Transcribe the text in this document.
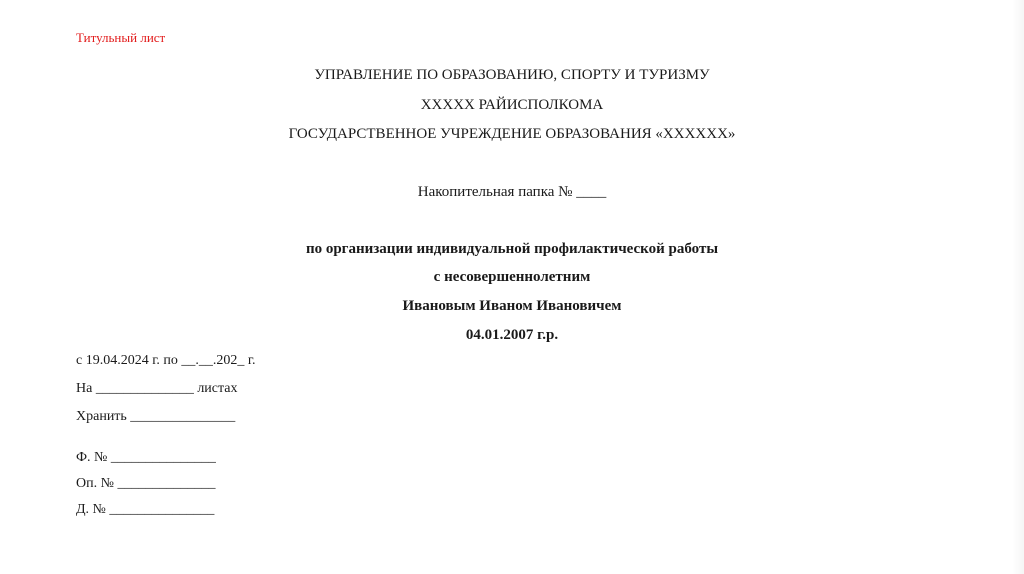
Титульный лист
УПРАВЛЕНИЕ ПО ОБРАЗОВАНИЮ, СПОРТУ И ТУРИЗМУ
ХХХХХ РАЙИСПОЛКОМА
ГОСУДАРСТВЕННОЕ УЧРЕЖДЕНИЕ ОБРАЗОВАНИЯ «ХХХХХХ»
Накопительная папка № ____
по организации индивидуальной профилактической работы
с несовершеннолетним
Ивановым Иваном Ивановичем
04.01.2007 г.р.
с 19.04.2024 г. по __.__.202_ г.
На ______________ листах
Хранить _______________
Ф. № _______________
Оп. № ______________
Д. № _______________
